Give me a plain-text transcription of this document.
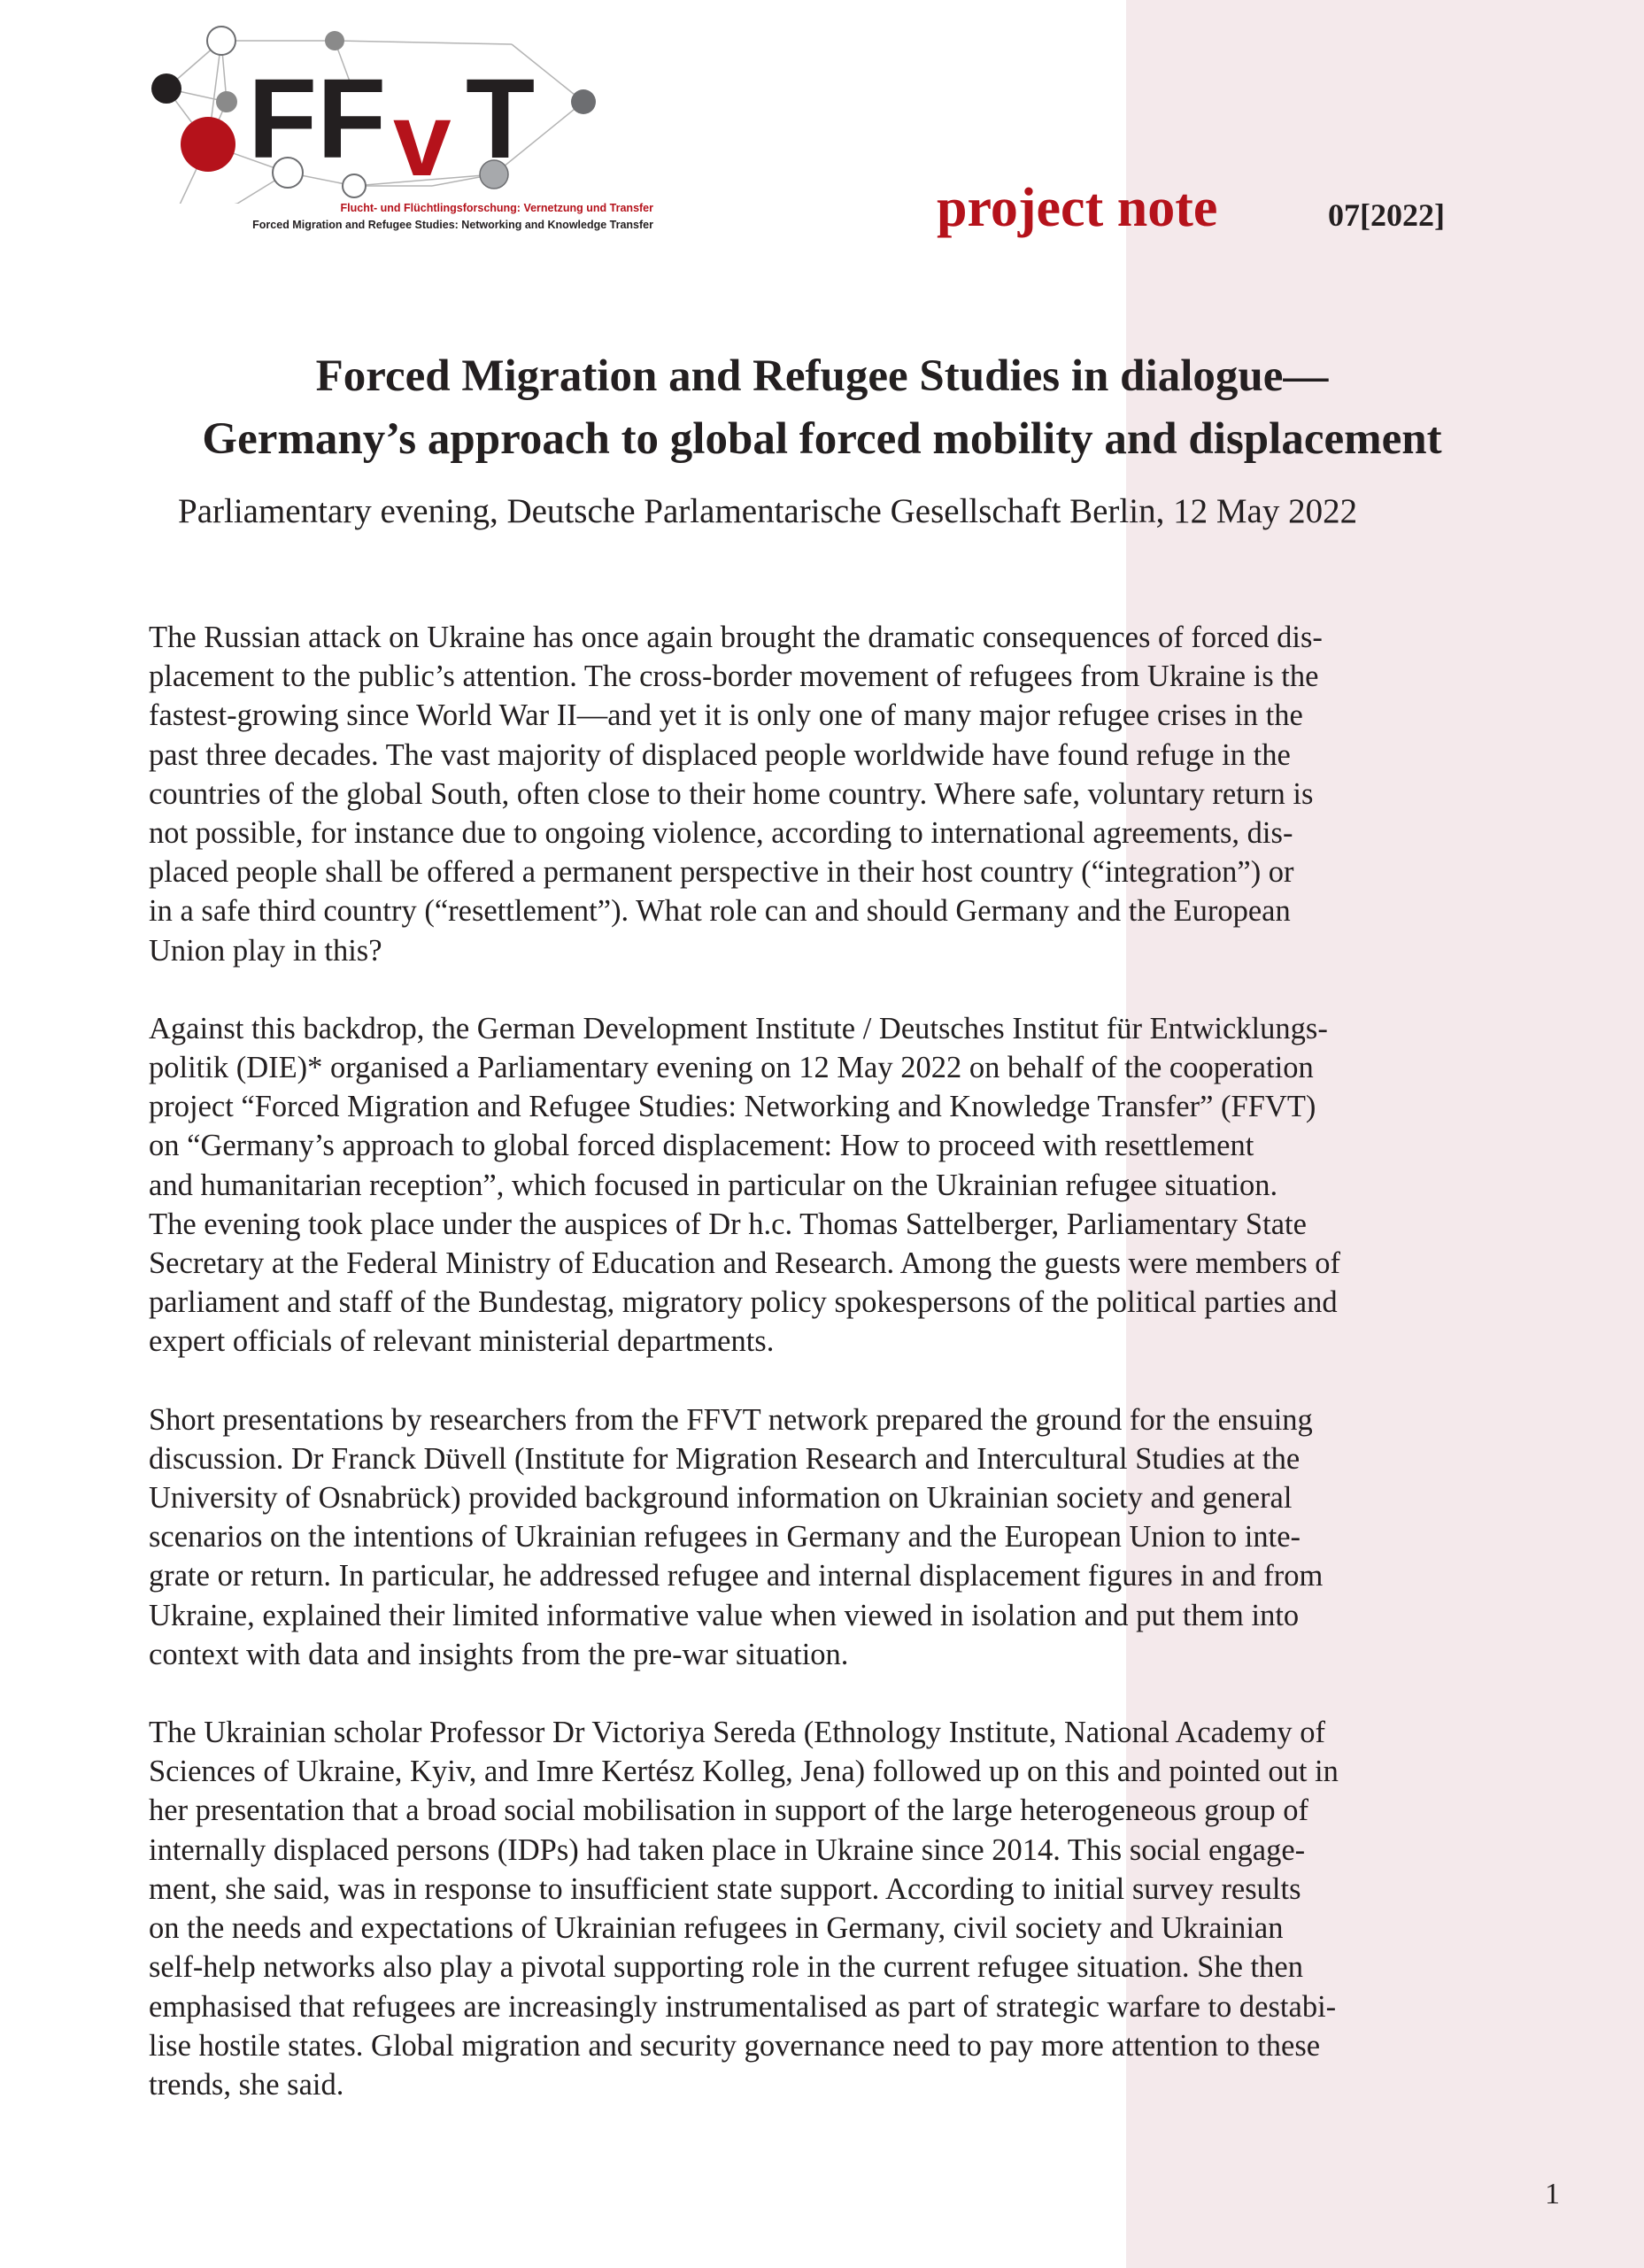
F F v T
Flucht- und Flüchtlingsforschung: Vernetzung und Transfer
Forced Migration and Refugee Studies: Networking and Knowledge Transfer	project note	07[2022]
Forced Migration and Refugee Studies in dialogue—
Germany’s approach to global forced mobility and displacement
Parliamentary evening, Deutsche Parlamentarische Gesellschaft Berlin, 12 May 2022

The Russian attack on Ukraine has once again brought the dramatic consequences of forced dis-
placement to the public’s attention. The cross-border movement of refugees from Ukraine is the
fastest-growing since World War II—and yet it is only one of many major refugee crises in the
past three decades. The vast majority of displaced people worldwide have found refuge in the
countries of the global South, often close to their home country. Where safe, voluntary return is
not possible, for instance due to ongoing violence, according to international agreements, dis-
placed people shall be offered a permanent perspective in their host country (“integration”) or
in a safe third country (“resettlement”). What role can and should Germany and the European
Union play in this?

Against this backdrop, the German Development Institute / Deutsches Institut für Entwicklungs-
politik (DIE)* organised a Parliamentary evening on 12 May 2022 on behalf of the cooperation
project “Forced Migration and Refugee Studies: Networking and Knowledge Transfer” (FFVT)
on “Germany’s approach to global forced displacement: How to proceed with resettlement
and humanitarian reception”, which focused in particular on the Ukrainian refugee situation.
The evening took place under the auspices of Dr h.c. Thomas Sattelberger, Parliamentary State
Secretary at the Federal Ministry of Education and Research. Among the guests were members of
parliament and staff of the Bundestag, migratory policy spokespersons of the political parties and
expert officials of relevant ministerial departments.

Short presentations by researchers from the FFVT network prepared the ground for the ensuing
discussion. Dr Franck Düvell (Institute for Migration Research and Intercultural Studies at the
University of Osnabrück) provided background information on Ukrainian society and general
scenarios on the intentions of Ukrainian refugees in Germany and the European Union to inte-
grate or return. In particular, he addressed refugee and internal displacement figures in and from
Ukraine, explained their limited informative value when viewed in isolation and put them into
context with data and insights from the pre-war situation.

The Ukrainian scholar Professor Dr Victoriya Sereda (Ethnology Institute, National Academy of
Sciences of Ukraine, Kyiv, and Imre Kertész Kolleg, Jena) followed up on this and pointed out in
her presentation that a broad social mobilisation in support of the large heterogeneous group of
internally displaced persons (IDPs) had taken place in Ukraine since 2014. This social engage-
ment, she said, was in response to insufficient state support. According to initial survey results
on the needs and expectations of Ukrainian refugees in Germany, civil society and Ukrainian
self-help networks also play a pivotal supporting role in the current refugee situation. She then
emphasised that refugees are increasingly instrumentalised as part of strategic warfare to destabi-
lise hostile states. Global migration and security governance need to pay more attention to these
trends, she said.

1
